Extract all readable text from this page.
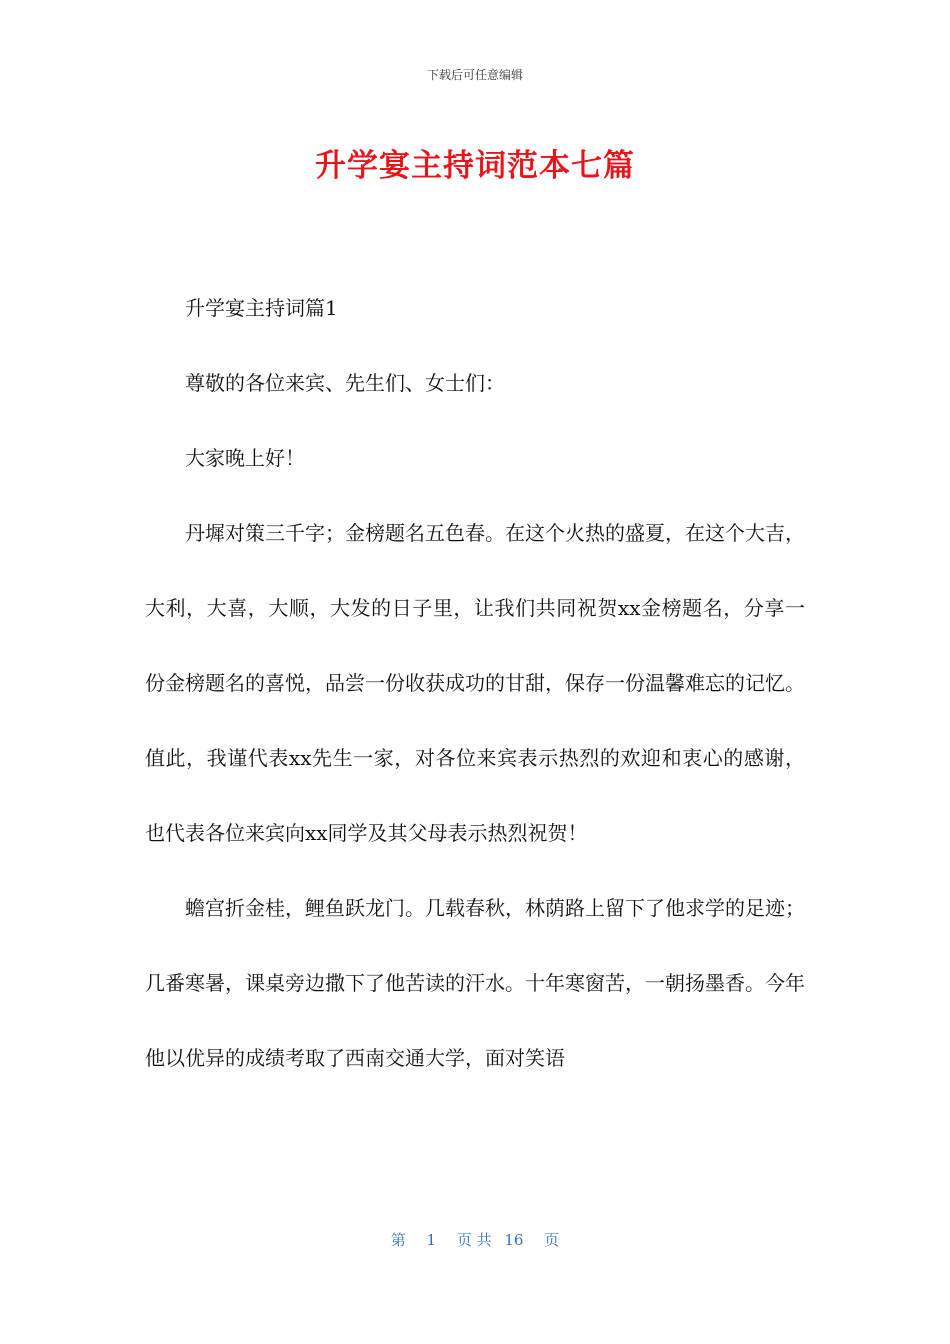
下载后可任意编辑
升学宴主持词范本七篇

升学宴主持词篇1

尊敬的各位来宾、先生们、女士们：

大家晚上好！

丹墀对策三千字；金榜题名五色春。在这个火热的盛夏，在这个大吉，大利，大喜，大顺，大发的日子里，让我们共同祝贺xx金榜题名，分享一份金榜题名的喜悦，品尝一份收获成功的甘甜，保存一份温馨难忘的记忆。值此，我谨代表xx先生一家，对各位来宾表示热烈的欢迎和衷心的感谢，也代表各位来宾向xx同学及其父母表示热烈祝贺！

蟾宫折金桂，鲤鱼跃龙门。几载春秋，林荫路上留下了他求学的足迹；几番寒暑，课桌旁边撒下了他苦读的汗水。十年寒窗苦，一朝扬墨香。今年他以优异的成绩考取了西南交通大学，面对笑语

第 1 页 共 16 页
